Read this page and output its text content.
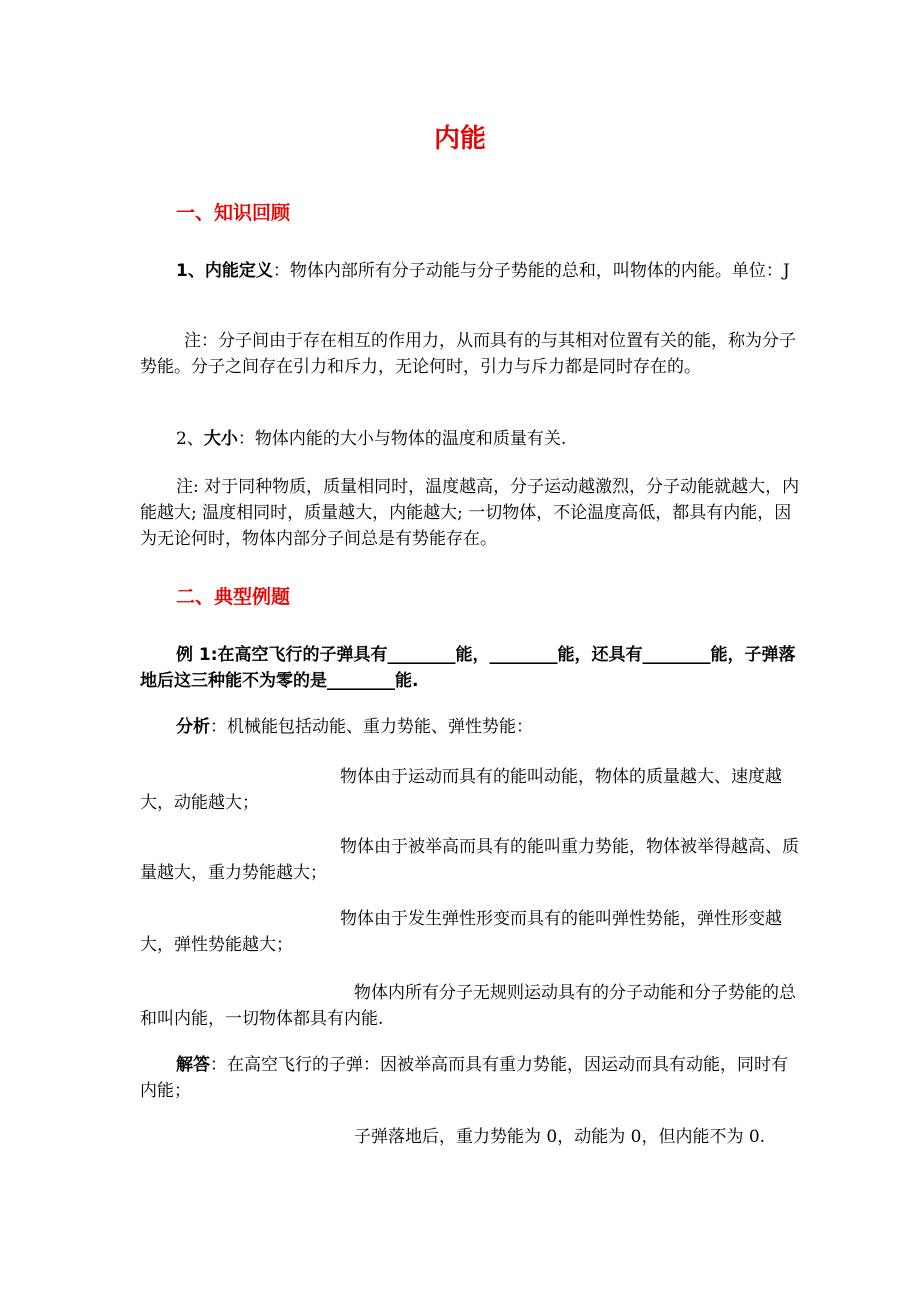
内能
一、知识回顾

1、内能定义：物体内部所有分子动能与分子势能的总和，叫物体的内能。单位：J

注：分子间由于存在相互的作用力，从而具有的与其相对位置有关的能，称为分子势能。分子之间存在引力和斥力，无论何时，引力与斥力都是同时存在的。

2、大小：物体内能的大小与物体的温度和质量有关.

注: 对于同种物质，质量相同时，温度越高，分子运动越激烈，分子动能就越大，内能越大; 温度相同时，质量越大，内能越大; 一切物体，不论温度高低，都具有内能，因为无论何时，物体内部分子间总是有势能存在。

二、典型例题

例 1:在高空飞行的子弹具有________能，________能，还具有________能，子弹落地后这三种能不为零的是________能.

分析：机械能包括动能、重力势能、弹性势能：

物体由于运动而具有的能叫动能，物体的质量越大、速度越大，动能越大；

物体由于被举高而具有的能叫重力势能，物体被举得越高、质量越大，重力势能越大；

物体由于发生弹性形变而具有的能叫弹性势能，弹性形变越大，弹性势能越大；

物体内所有分子无规则运动具有的分子动能和分子势能的总和叫内能，一切物体都具有内能.

解答：在高空飞行的子弹：因被举高而具有重力势能，因运动而具有动能，同时有内能；

子弹落地后，重力势能为 0，动能为 0，但内能不为 0.
